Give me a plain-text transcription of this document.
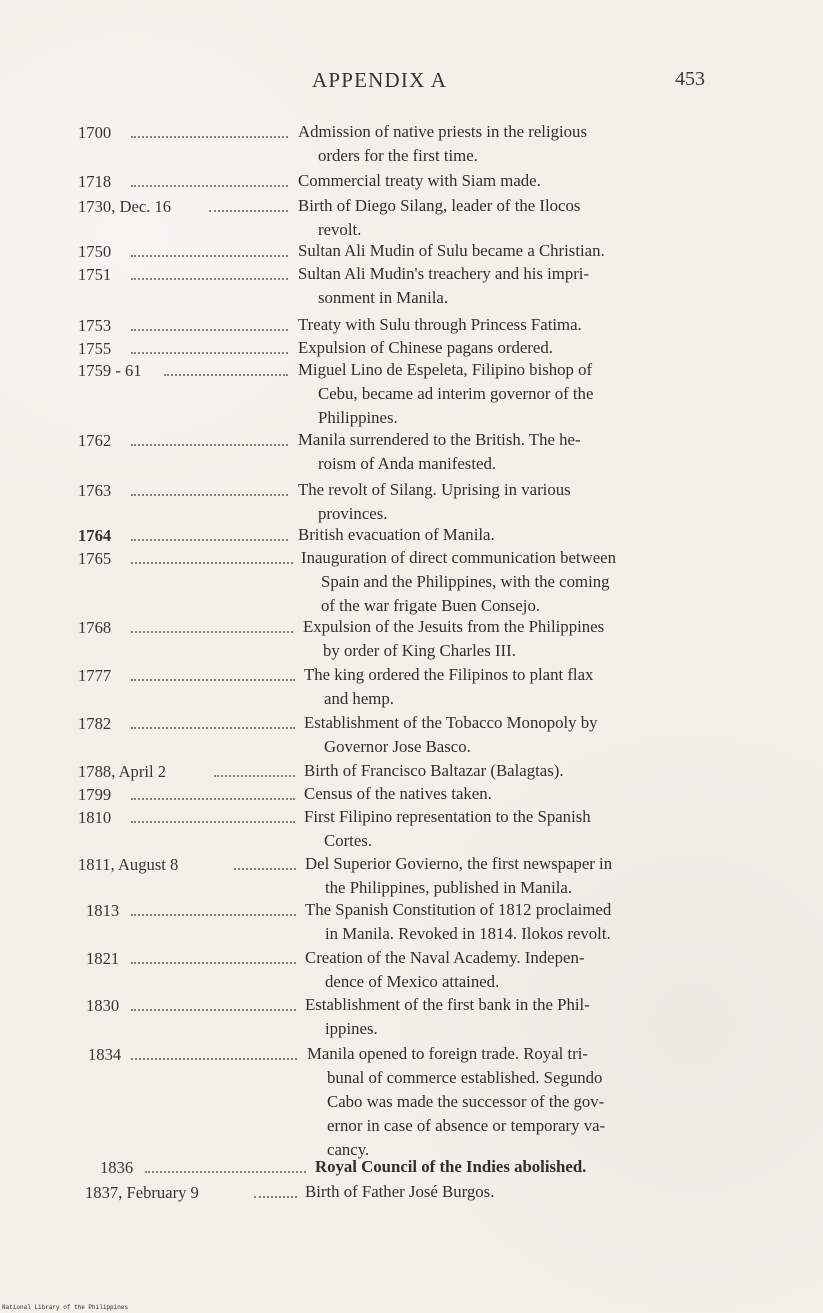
APPENDIX A	453
1700	Admission of native priests in the religious
orders for the first time.
1718	Commercial treaty with Siam made.
1730, Dec. 16	Birth of Diego Silang, leader of the Ilocos
revolt.
1750	Sultan Ali Mudin of Sulu became a Christian.
1751	Sultan Ali Mudin's treachery and his impri-
sonment in Manila.
1753	Treaty with Sulu through Princess Fatima.
1755	Expulsion of Chinese pagans ordered.
1759 - 61	Miguel Lino de Espeleta, Filipino bishop of
Cebu, became ad interim governor of the
Philippines.
1762	Manila surrendered to the British. The he-
roism of Anda manifested.
1763	The revolt of Silang. Uprising in various
provinces.
1764	British evacuation of Manila.
1765	Inauguration of direct communication between
Spain and the Philippines, with the coming
of the war frigate Buen Consejo.
1768	Expulsion of the Jesuits from the Philippines
by order of King Charles III.
1777	The king ordered the Filipinos to plant flax
and hemp.
1782	Establishment of the Tobacco Monopoly by
Governor Jose Basco.
1788, April 2	Birth of Francisco Baltazar (Balagtas).
1799	Census of the natives taken.
1810	First Filipino representation to the Spanish
Cortes.
1811, August 8	Del Superior Govierno, the first newspaper in
the Philippines, published in Manila.
1813	The Spanish Constitution of 1812 proclaimed
in Manila. Revoked in 1814. Ilokos revolt.
1821	Creation of the Naval Academy. Indepen-
dence of Mexico attained.
1830	Establishment of the first bank in the Phil-
ippines.
1834	Manila opened to foreign trade. Royal tri-
bunal of commerce established. Segundo
Cabo was made the successor of the gov-
ernor in case of absence or temporary va-
cancy.
1836	Royal Council of the Indies abolished.
1837, February 9	Birth of Father José Burgos.
National Library of the Philippines
